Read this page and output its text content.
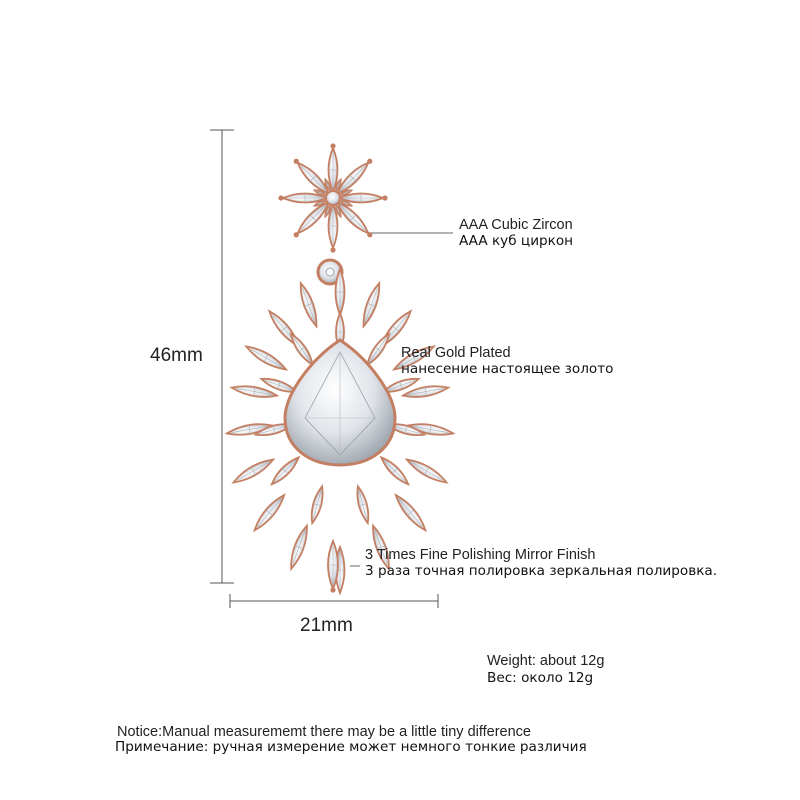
46mm
21mm
AAA Cubic Zircon
AAA куб циркон
Real Gold Plated
нанесение настоящее золото
3 Times Fine Polishing Mirror Finish
3 раза точная полировка зеркальная полировка.
Weight: about 12g
Вес: около 12g
Notice:Manual measurememt there may be a little tiny difference
Примечание: ручная измерение может немного тонкие различия
